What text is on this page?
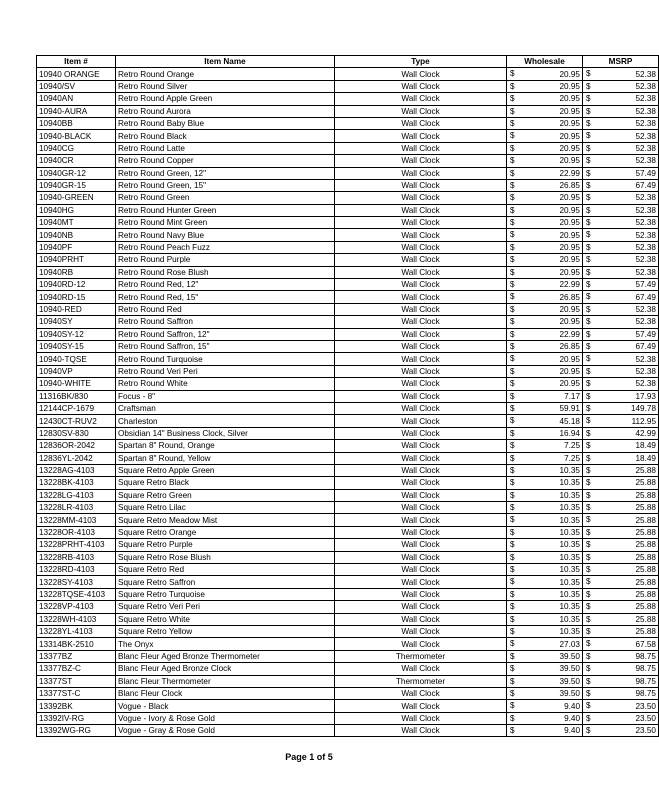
Item #	Item Name	Type	Wholesale	MSRP
10940 ORANGE	Retro Round Orange	Wall Clock	$ 20.95	$ 52.38

10940/SV	Retro Round Silver	Wall Clock	$ 20.95	$ 52.38

10940AN	Retro Round Apple Green	Wall Clock	$ 20.95	$ 52.38

10940-AURA	Retro Round Aurora	Wall Clock	$ 20.95	$ 52.38

10940BB	Retro Round Baby Blue	Wall Clock	$ 20.95	$ 52.38

10940-BLACK	Retro Round Black	Wall Clock	$ 20.95	$ 52.38

10940CG	Retro Round Latte	Wall Clock	$ 20.95	$ 52.38

10940CR	Retro Round Copper	Wall Clock	$ 20.95	$ 52.38

10940GR-12	Retro Round Green, 12"	Wall Clock	$ 22.99	$ 57.49

10940GR-15	Retro Round Green, 15"	Wall Clock	$ 26.85	$ 67.49

10940-GREEN	Retro Round Green	Wall Clock	$ 20.95	$ 52.38

10940HG	Retro Round Hunter Green	Wall Clock	$ 20.95	$ 52.38

10940MT	Retro Round Mint Green	Wall Clock	$ 20.95	$ 52.38

10940NB	Retro Round Navy Blue	Wall Clock	$ 20.95	$ 52.38

10940PF	Retro Round Peach Fuzz	Wall Clock	$ 20.95	$ 52.38

10940PRHT	Retro Round Purple	Wall Clock	$ 20.95	$ 52.38

10940RB	Retro Round Rose Blush	Wall Clock	$ 20.95	$ 52.38

10940RD-12	Retro Round Red, 12"	Wall Clock	$ 22.99	$ 57.49

10940RD-15	Retro Round Red, 15"	Wall Clock	$ 26.85	$ 67.49

10940-RED	Retro Round Red	Wall Clock	$ 20.95	$ 52.38

10940SY	Retro Round Saffron	Wall Clock	$ 20.95	$ 52.38

10940SY-12	Retro Round Saffron, 12"	Wall Clock	$ 22.99	$ 57.49

10940SY-15	Retro Round Saffron, 15"	Wall Clock	$ 26.85	$ 67.49

10940-TQSE	Retro Round Turquoise	Wall Clock	$ 20.95	$ 52.38

10940VP	Retro Round Veri Peri	Wall Clock	$ 20.95	$ 52.38

10940-WHITE	Retro Round White	Wall Clock	$ 20.95	$ 52.38

11316BK/830	Focus - 8"	Wall Clock	$ 7.17	$ 17.93

12144CP-1679	Craftsman	Wall Clock	$ 59.91	$ 149.78

12430CT-RUV2	Charleston	Wall Clock	$ 45.18	$ 112.95

12830SV-830	Obsidian 14" Business Clock, Silver	Wall Clock	$ 16.94	$ 42.99

12836OR-2042	Spartan 8" Round, Orange	Wall Clock	$ 7.25	$ 18.49

12836YL-2042	Spartan 8" Round, Yellow	Wall Clock	$ 7.25	$ 18.49

13228AG-4103	Square Retro Apple Green	Wall Clock	$ 10.35	$ 25.88

13228BK-4103	Square Retro Black	Wall Clock	$ 10.35	$ 25.88

13228LG-4103	Square Retro Green	Wall Clock	$ 10.35	$ 25.88

13228LR-4103	Square Retro Lilac	Wall Clock	$ 10.35	$ 25.88

13228MM-4103	Square Retro Meadow Mist	Wall Clock	$ 10.35	$ 25.88

13228OR-4103	Square Retro Orange	Wall Clock	$ 10.35	$ 25.88

13228PRHT-4103	Square Retro Purple	Wall Clock	$ 10.35	$ 25.88

13228RB-4103	Square Retro Rose Blush	Wall Clock	$ 10.35	$ 25.88

13228RD-4103	Square Retro Red	Wall Clock	$ 10.35	$ 25.88

13228SY-4103	Square Retro Saffron	Wall Clock	$ 10.35	$ 25.88

13228TQSE-4103	Square Retro Turquoise	Wall Clock	$ 10.35	$ 25.88

13228VP-4103	Square Retro Veri Peri	Wall Clock	$ 10.35	$ 25.88

13228WH-4103	Square Retro White	Wall Clock	$ 10.35	$ 25.88

13228YL-4103	Square Retro Yellow	Wall Clock	$ 10.35	$ 25.88

13314BK-2510	The Onyx	Wall Clock	$ 27.03	$ 67.58

13377BZ	Blanc Fleur Aged Bronze Thermometer	Thermometer	$ 39.50	$ 98.75

13377BZ-C	Blanc Fleur Aged Bronze Clock	Wall Clock	$ 39.50	$ 98.75

13377ST	Blanc Fleur Thermometer	Thermometer	$ 39.50	$ 98.75

13377ST-C	Blanc Fleur Clock	Wall Clock	$ 39.50	$ 98.75

13392BK	Vogue - Black	Wall Clock	$ 9.40	$ 23.50

13392IV-RG	Vogue - Ivory & Rose Gold	Wall Clock	$ 9.40	$ 23.50

13392WG-RG	Vogue - Gray & Rose Gold	Wall Clock	$ 9.40	$ 23.50
Page 1 of 5
